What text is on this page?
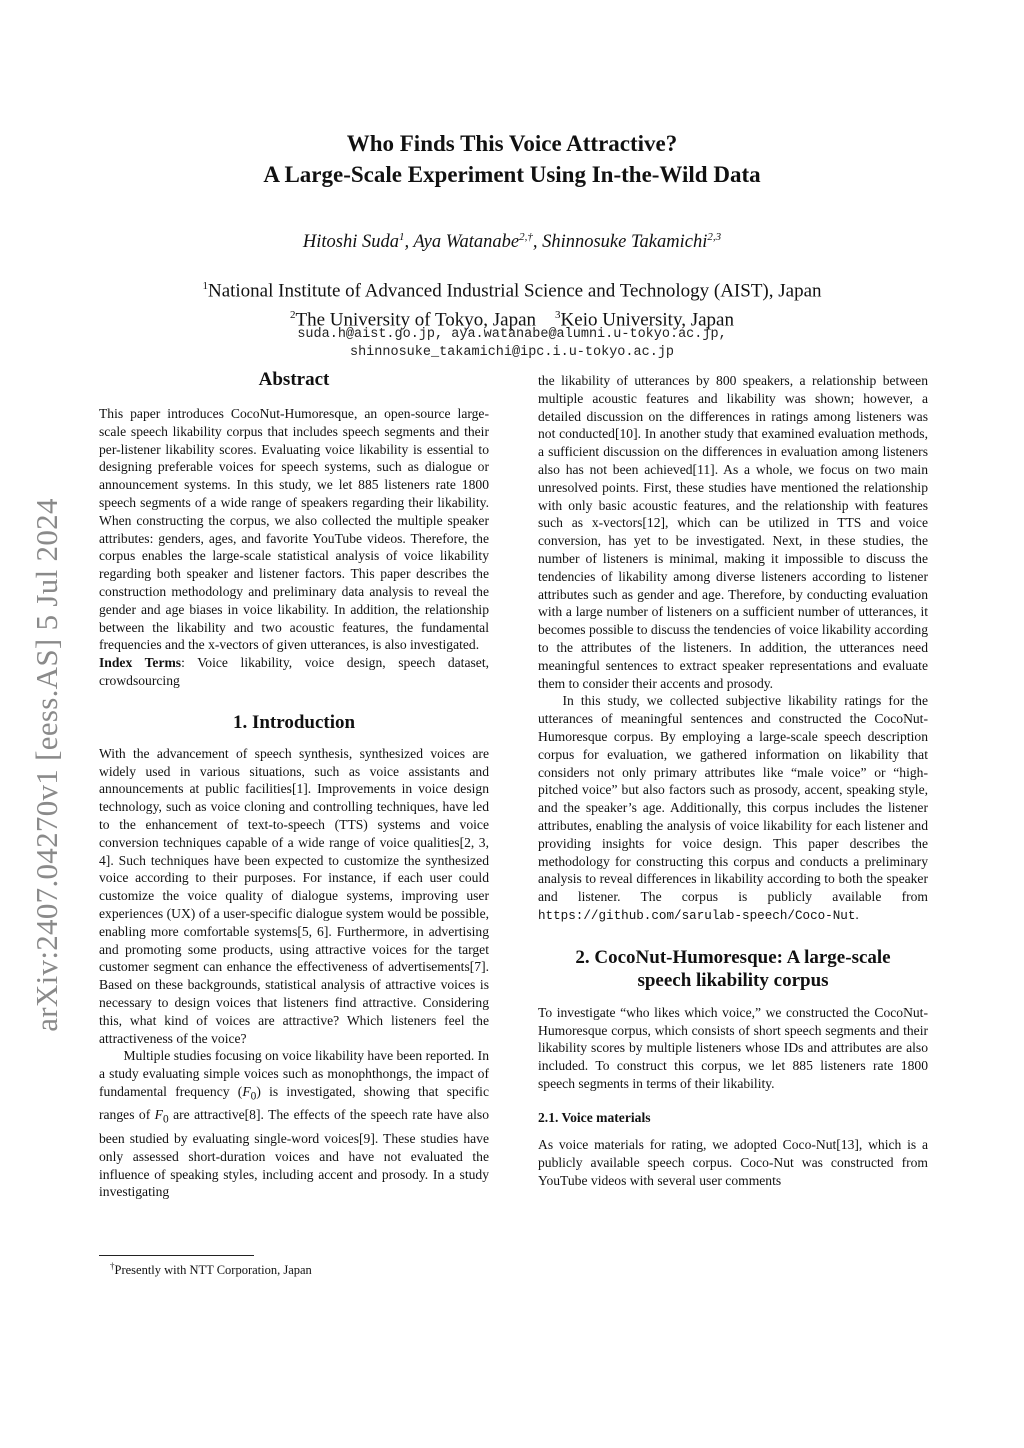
arXiv:2407.04270v1 [eess.AS] 5 Jul 2024
Who Finds This Voice Attractive?
A Large-Scale Experiment Using In-the-Wild Data
Hitoshi Suda$^1$, Aya Watanabe$^{2,\dagger}$, Shinnosuke Takamichi$^{2,3}$
$^1$National Institute of Advanced Industrial Science and Technology (AIST), Japan
$^2$The University of Tokyo, Japan $^3$Keio University, Japan
suda.h@aist.go.jp, aya.watanabe@alumni.u-tokyo.ac.jp,
shinnosuke_takamichi@ipc.i.u-tokyo.ac.jp
Abstract

This paper introduces CocoNut-Humoresque, an open-source large-scale speech likability corpus that includes speech segments and their per-listener likability scores. Evaluating voice likability is essential to designing preferable voices for speech systems, such as dialogue or announcement systems. In this study, we let 885 listeners rate 1800 speech segments of a wide range of speakers regarding their likability. When constructing the corpus, we also collected the multiple speaker attributes: genders, ages, and favorite YouTube videos. Therefore, the corpus enables the large-scale statistical analysis of voice likability regarding both speaker and listener factors. This paper describes the construction methodology and preliminary data analysis to reveal the gender and age biases in voice likability. In addition, the relationship between the likability and two acoustic features, the fundamental frequencies and the x-vectors of given utterances, is also investigated.

Index Terms: Voice likability, voice design, speech dataset, crowdsourcing

1. Introduction

With the advancement of speech synthesis, synthesized voices are widely used in various situations, such as voice assistants and announcements at public facilities[1]. Improvements in voice design technology, such as voice cloning and controlling techniques, have led to the enhancement of text-to-speech (TTS) systems and voice conversion techniques capable of a wide range of voice qualities[2, 3, 4]. Such techniques have been expected to customize the synthesized voice according to their purposes. For instance, if each user could customize the voice quality of dialogue systems, improving user experiences (UX) of a user-specific dialogue system would be possible, enabling more comfortable systems[5, 6]. Furthermore, in advertising and promoting some products, using attractive voices for the target customer segment can enhance the effectiveness of advertisements[7]. Based on these backgrounds, statistical analysis of attractive voices is necessary to design voices that listeners find attractive. Considering this, what kind of voices are attractive? Which listeners feel the attractiveness of the voice?

Multiple studies focusing on voice likability have been reported. In a study evaluating simple voices such as monophthongs, the impact of fundamental frequency $(F_0)$ is investigated, showing that specific ranges of $F_0$ are attractive[8]. The effects of the speech rate have also been studied by evaluating single-word voices[9]. These studies have only assessed short-duration voices and have not evaluated the influence of speaking styles, including accent and prosody. In a study investigating

the likability of utterances by 800 speakers, a relationship between multiple acoustic features and likability was shown; however, a detailed discussion on the differences in ratings among listeners was not conducted[10]. In another study that examined evaluation methods, a sufficient discussion on the differences in evaluation among listeners also has not been achieved[11]. As a whole, we focus on two main unresolved points. First, these studies have mentioned the relationship with only basic acoustic features, and the relationship with features such as x-vectors[12], which can be utilized in TTS and voice conversion, has yet to be investigated. Next, in these studies, the number of listeners is minimal, making it impossible to discuss the tendencies of likability among diverse listeners according to listener attributes such as gender and age. Therefore, by conducting evaluation with a large number of listeners on a sufficient number of utterances, it becomes possible to discuss the tendencies of voice likability according to the attributes of the listeners. In addition, the utterances need meaningful sentences to extract speaker representations and evaluate them to consider their accents and prosody.

In this study, we collected subjective likability ratings for the utterances of meaningful sentences and constructed the CocoNut-Humoresque corpus. By employing a large-scale speech description corpus for evaluation, we gathered information on likability that considers not only primary attributes like “male voice” or “high-pitched voice” but also factors such as prosody, accent, speaking style, and the speaker’s age. Additionally, this corpus includes the listener attributes, enabling the analysis of voice likability for each listener and providing insights for voice design. This paper describes the methodology for constructing this corpus and conducts a preliminary analysis to reveal differences in likability according to both the speaker and listener. The corpus is publicly available from https://github.com/sarulab-speech/Coco-Nut.

2. CocoNut-Humoresque: A large-scale
speech likability corpus

To investigate “who likes which voice,” we constructed the CocoNut-Humoresque corpus, which consists of short speech segments and their likability scores by multiple listeners whose IDs and attributes are also included. To construct this corpus, we let 885 listeners rate 1800 speech segments in terms of their likability.

2.1. Voice materials

As voice materials for rating, we adopted Coco-Nut[13], which is a publicly available speech corpus. Coco-Nut was constructed from YouTube videos with several user comments

†Presently with NTT Corporation, Japan
